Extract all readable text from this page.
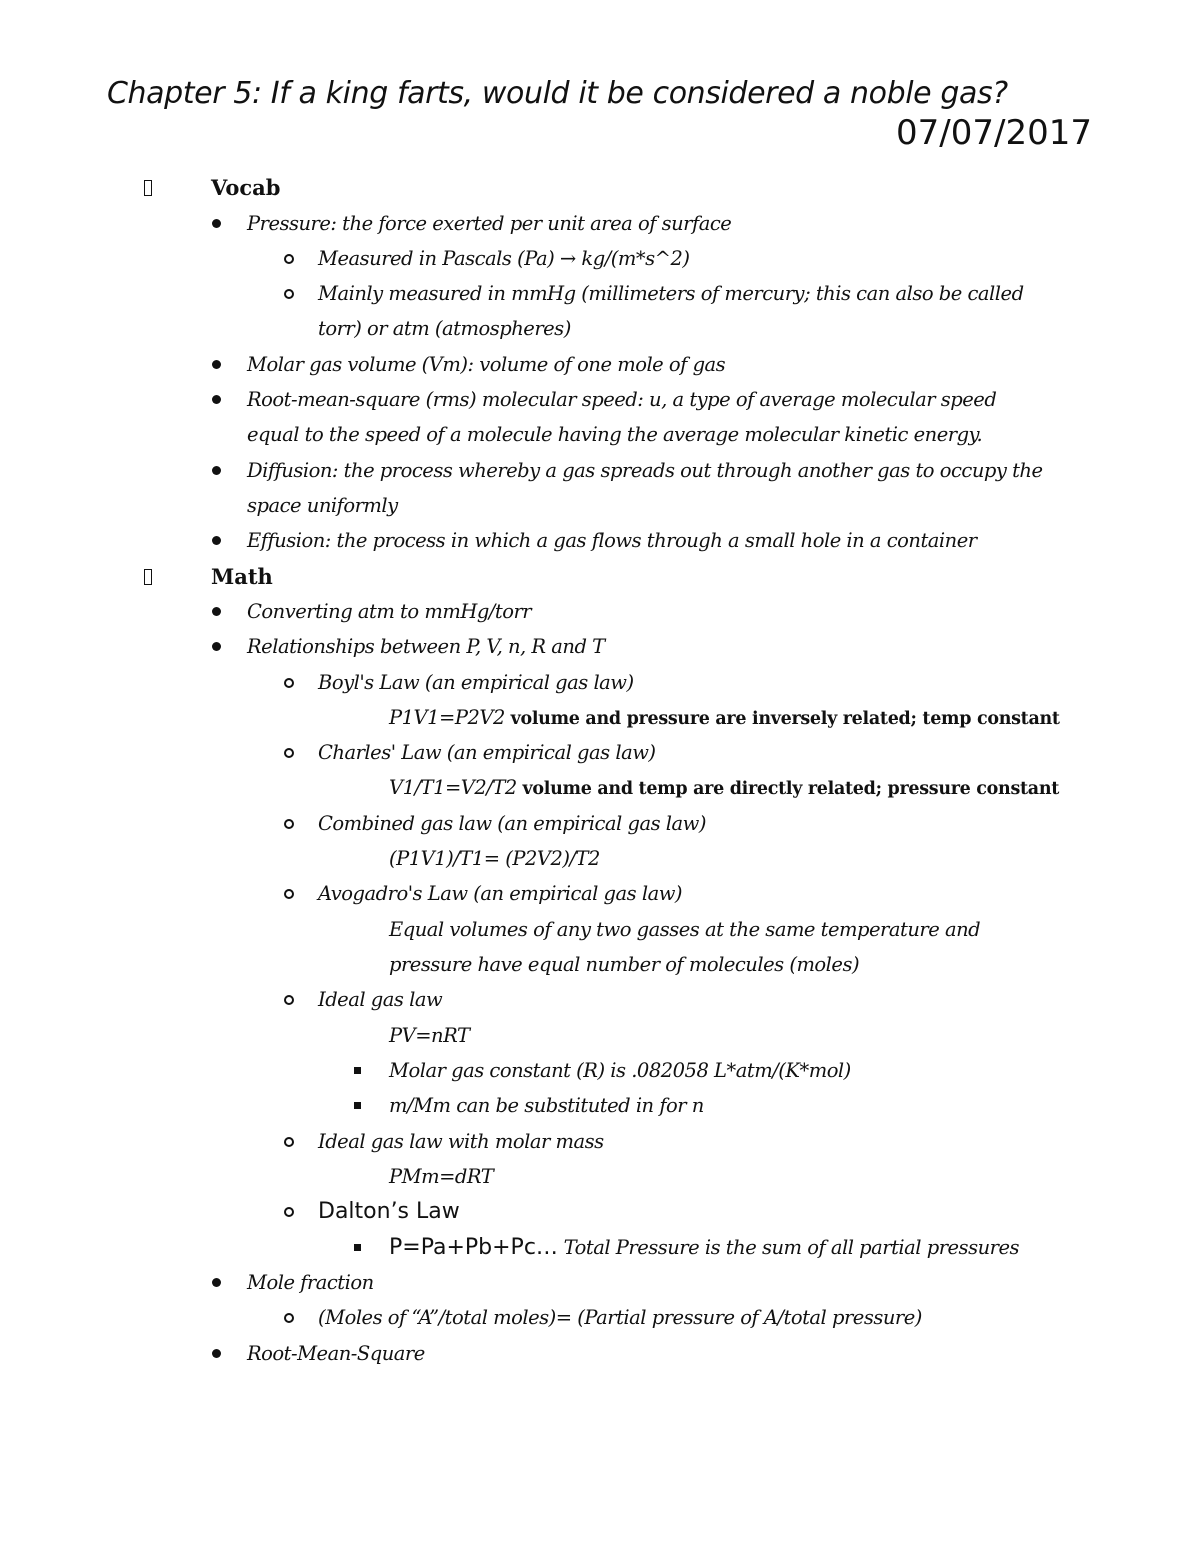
Chapter 5: If a king farts, would it be considered a noble gas?
07/07/2017
Vocab
Pressure: the force exerted per unit area of surface
Measured in Pascals (Pa) → kg/(m*s^2)
Mainly measured in mmHg (millimeters of mercury; this can also be called
torr) or atm (atmospheres)
Molar gas volume (Vm): volume of one mole of gas
Root-mean-square (rms) molecular speed: u, a type of average molecular speed
equal to the speed of a molecule having the average molecular kinetic energy.
Diffusion: the process whereby a gas spreads out through another gas to occupy the
space uniformly
Effusion: the process in which a gas flows through a small hole in a container
Math
Converting atm to mmHg/torr
Relationships between P, V, n, R and T
Boyl's Law (an empirical gas law)
P1V1=P2V2 volume and pressure are inversely related; temp constant
Charles' Law (an empirical gas law)
V1/T1=V2/T2 volume and temp are directly related; pressure constant
Combined gas law (an empirical gas law)
(P1V1)/T1= (P2V2)/T2
Avogadro's Law (an empirical gas law)
Equal volumes of any two gasses at the same temperature and
pressure have equal number of molecules (moles)
Ideal gas law
PV=nRT
Molar gas constant (R) is .082058 L*atm/(K*mol)
m/Mm can be substituted in for n
Ideal gas law with molar mass
PMm=dRT
Dalton’s Law
P=Pa+Pb+Pc… Total Pressure is the sum of all partial pressures
Mole fraction
(Moles of “A”/total moles)= (Partial pressure of A/total pressure)
Root-Mean-Square
